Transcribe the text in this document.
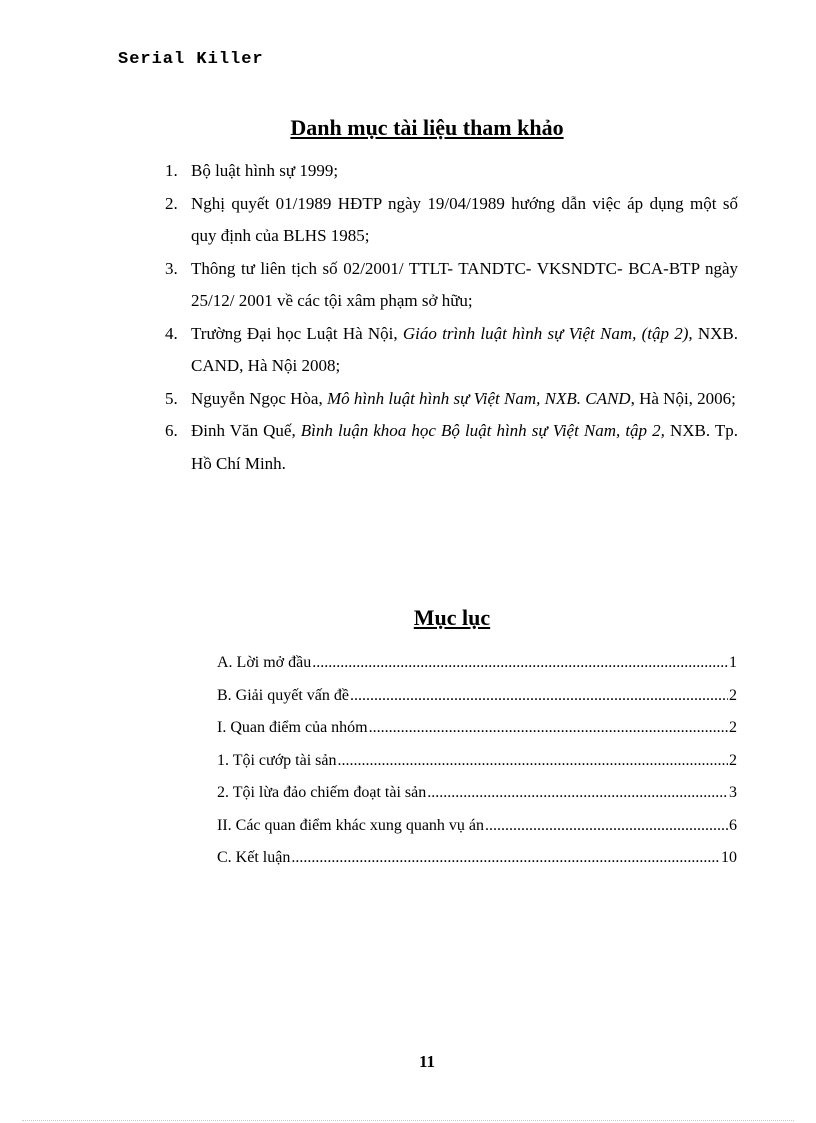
Serial Killer
Danh mục tài liệu tham khảo
1. Bộ luật hình sự 1999;
2. Nghị quyết 01/1989 HĐTP ngày 19/04/1989 hướng dẫn việc áp dụng một số quy định của BLHS 1985;
3. Thông tư liên tịch số 02/2001/ TTLT- TANDTC- VKSNDTC- BCA-BTP ngày 25/12/ 2001 về các tội xâm phạm sở hữu;
4. Trường Đại học Luật Hà Nội, Giáo trình luật hình sự Việt Nam, (tập 2), NXB. CAND, Hà Nội 2008;
5. Nguyễn Ngọc Hòa, Mô hình luật hình sự Việt Nam, NXB. CAND, Hà Nội, 2006;
6. Đinh Văn Quế, Bình luận khoa học Bộ luật hình sự Việt Nam, tập 2, NXB. Tp. Hồ Chí Minh.
Mục lục
A. Lời mở đầu .....	1
B. Giải quyết vấn đề .....	2
I. Quan điểm của nhóm .....	2
1. Tội cướp tài sản .....	2
2. Tội lừa đảo chiếm đoạt tài sản .....	3
II. Các quan điểm khác xung quanh vụ án .....	6
C. Kết luận .....	10
11
